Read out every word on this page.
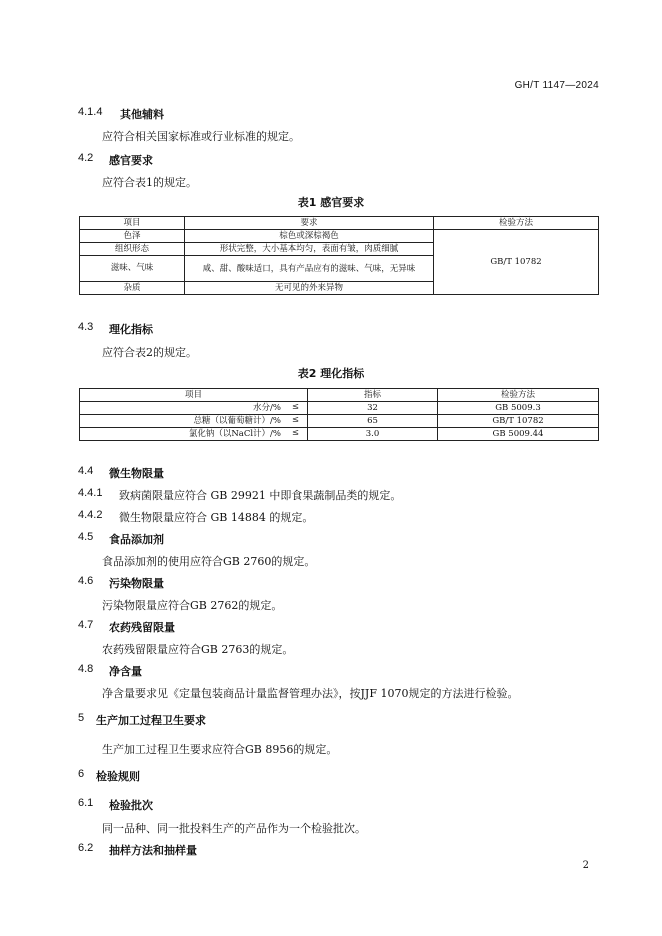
GH/T 1147—2024
4.1.4 其他辅料
应符合相关国家标准或行业标准的规定。
4.2 感官要求
应符合表1的规定。
表1 感官要求
项目	要求	检验方法
色泽	棕色或深棕褐色	GB/T 10782
组织形态	形状完整，大小基本均匀，表面有皱，肉质细腻	
滋味、气味	咸、甜、酸味适口，具有产品应有的滋味、气味，无异味	
杂质	无可见的外来异物	
4.3 理化指标
应符合表2的规定。
表2 理化指标
项目	指标	检验方法
水分/% ≤	32	GB 5009.3
总糖（以葡萄糖计）/% ≤	65	GB/T 10782
氯化钠（以NaCl计）/% ≤	3.0	GB 5009.44
4.4 微生物限量
4.4.1 致病菌限量应符合 GB 29921 中即食果蔬制品类的规定。
4.4.2 微生物限量应符合 GB 14884 的规定。
4.5 食品添加剂
食品添加剂的使用应符合GB 2760的规定。
4.6 污染物限量
污染物限量应符合GB 2762的规定。
4.7 农药残留限量
农药残留限量应符合GB 2763的规定。
4.8 净含量
净含量要求见《定量包装商品计量监督管理办法》，按JJF 1070规定的方法进行检验。
5 生产加工过程卫生要求
生产加工过程卫生要求应符合GB 8956的规定。
6 检验规则
6.1 检验批次
同一品种、同一批投料生产的产品作为一个检验批次。
6.2 抽样方法和抽样量
2
